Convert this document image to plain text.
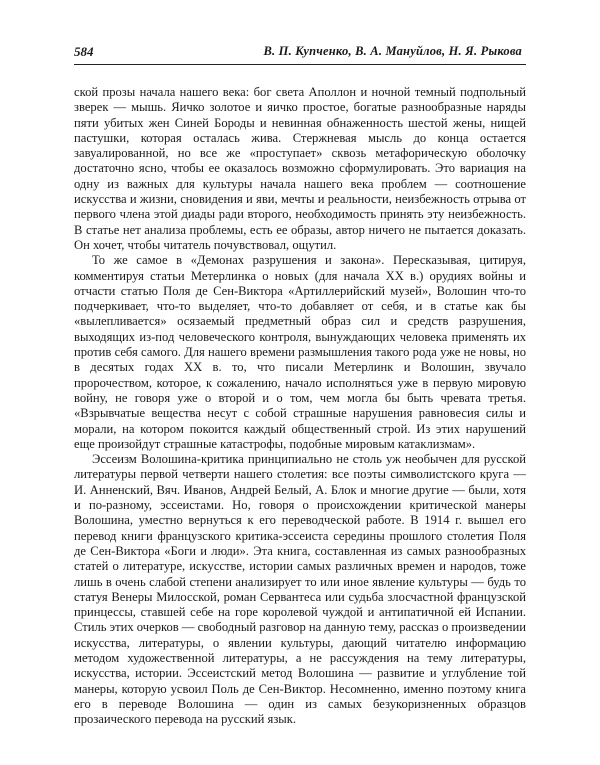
584	В. П. Купченко, В. А. Мануйлов, Н. Я. Рыкова

ской прозы начала нашего века: бог света Аполлон и ночной темный подпольный зверек — мышь. Яичко золотое и яичко простое, богатые разнообразные наряды пяти убитых жен Синей Бороды и невинная обнаженность шестой жены, нищей пастушки, которая осталась жива. Стержневая мысль до конца остается завуалированной, но все же «проступает» сквозь метафорическую оболочку достаточно ясно, чтобы ее оказалось возможно сформулировать. Это вариация на одну из важных для культуры начала нашего века проблем — соотношение искусства и жизни, сновидения и яви, мечты и реальности, неизбежность отрыва от первого члена этой диады ради второго, необходимость принять эту неизбежность. В статье нет анализа проблемы, есть ее образы, автор ничего не пытается доказать. Он хочет, чтобы читатель почувствовал, ощутил.

То же самое в «Демонах разрушения и закона». Пересказывая, цитируя, комментируя статьи Метерлинка о новых (для начала XX в.) орудиях войны и отчасти статью Поля де Сен-Виктора «Артиллерийский музей», Волошин что-то подчеркивает, что-то выделяет, что-то добавляет от себя, и в статье как бы «вылепливается» осязаемый предметный образ сил и средств разрушения, выходящих из-под человеческого контроля, вынуждающих человека применять их против себя самого. Для нашего времени размышления такого рода уже не новы, но в десятых годах XX в. то, что писали Метерлинк и Волошин, звучало пророчеством, которое, к сожалению, начало исполняться уже в первую мировую войну, не говоря уже о второй и о том, чем могла бы быть чревата третья. «Взрывчатые вещества несут с собой страшные нарушения равновесия силы и морали, на котором покоится каждый общественный строй. Из этих нарушений еще произойдут страшные катастрофы, подобные мировым катаклизмам».

Эссеизм Волошина-критика принципиально не столь уж необычен для русской литературы первой четверти нашего столетия: все поэты символистского круга — И. Анненский, Вяч. Иванов, Андрей Белый, А. Блок и многие другие — были, хотя и по-разному, эссеистами. Но, говоря о происхождении критической манеры Волошина, уместно вернуться к его переводческой работе. В 1914 г. вышел его перевод книги французского критика-эссеиста середины прошлого столетия Поля де Сен-Виктора «Боги и люди». Эта книга, составленная из самых разнообразных статей о литературе, искусстве, истории самых различных времен и народов, тоже лишь в очень слабой степени анализирует то или иное явление культуры — будь то статуя Венеры Милосской, роман Сервантеса или судьба злосчастной французской принцессы, ставшей себе на горе королевой чуждой и антипатичной ей Испании. Стиль этих очерков — свободный разговор на данную тему, рассказ о произведении искусства, литературы, о явлении культуры, дающий читателю информацию методом художественной литературы, а не рассуждения на тему литературы, искусства, истории. Эссеистский метод Волошина — развитие и углубление той манеры, которую усвоил Поль де Сен-Виктор. Несомненно, именно поэтому книга его в переводе Волошина — один из самых безукоризненных образцов прозаического перевода на русский язык.
